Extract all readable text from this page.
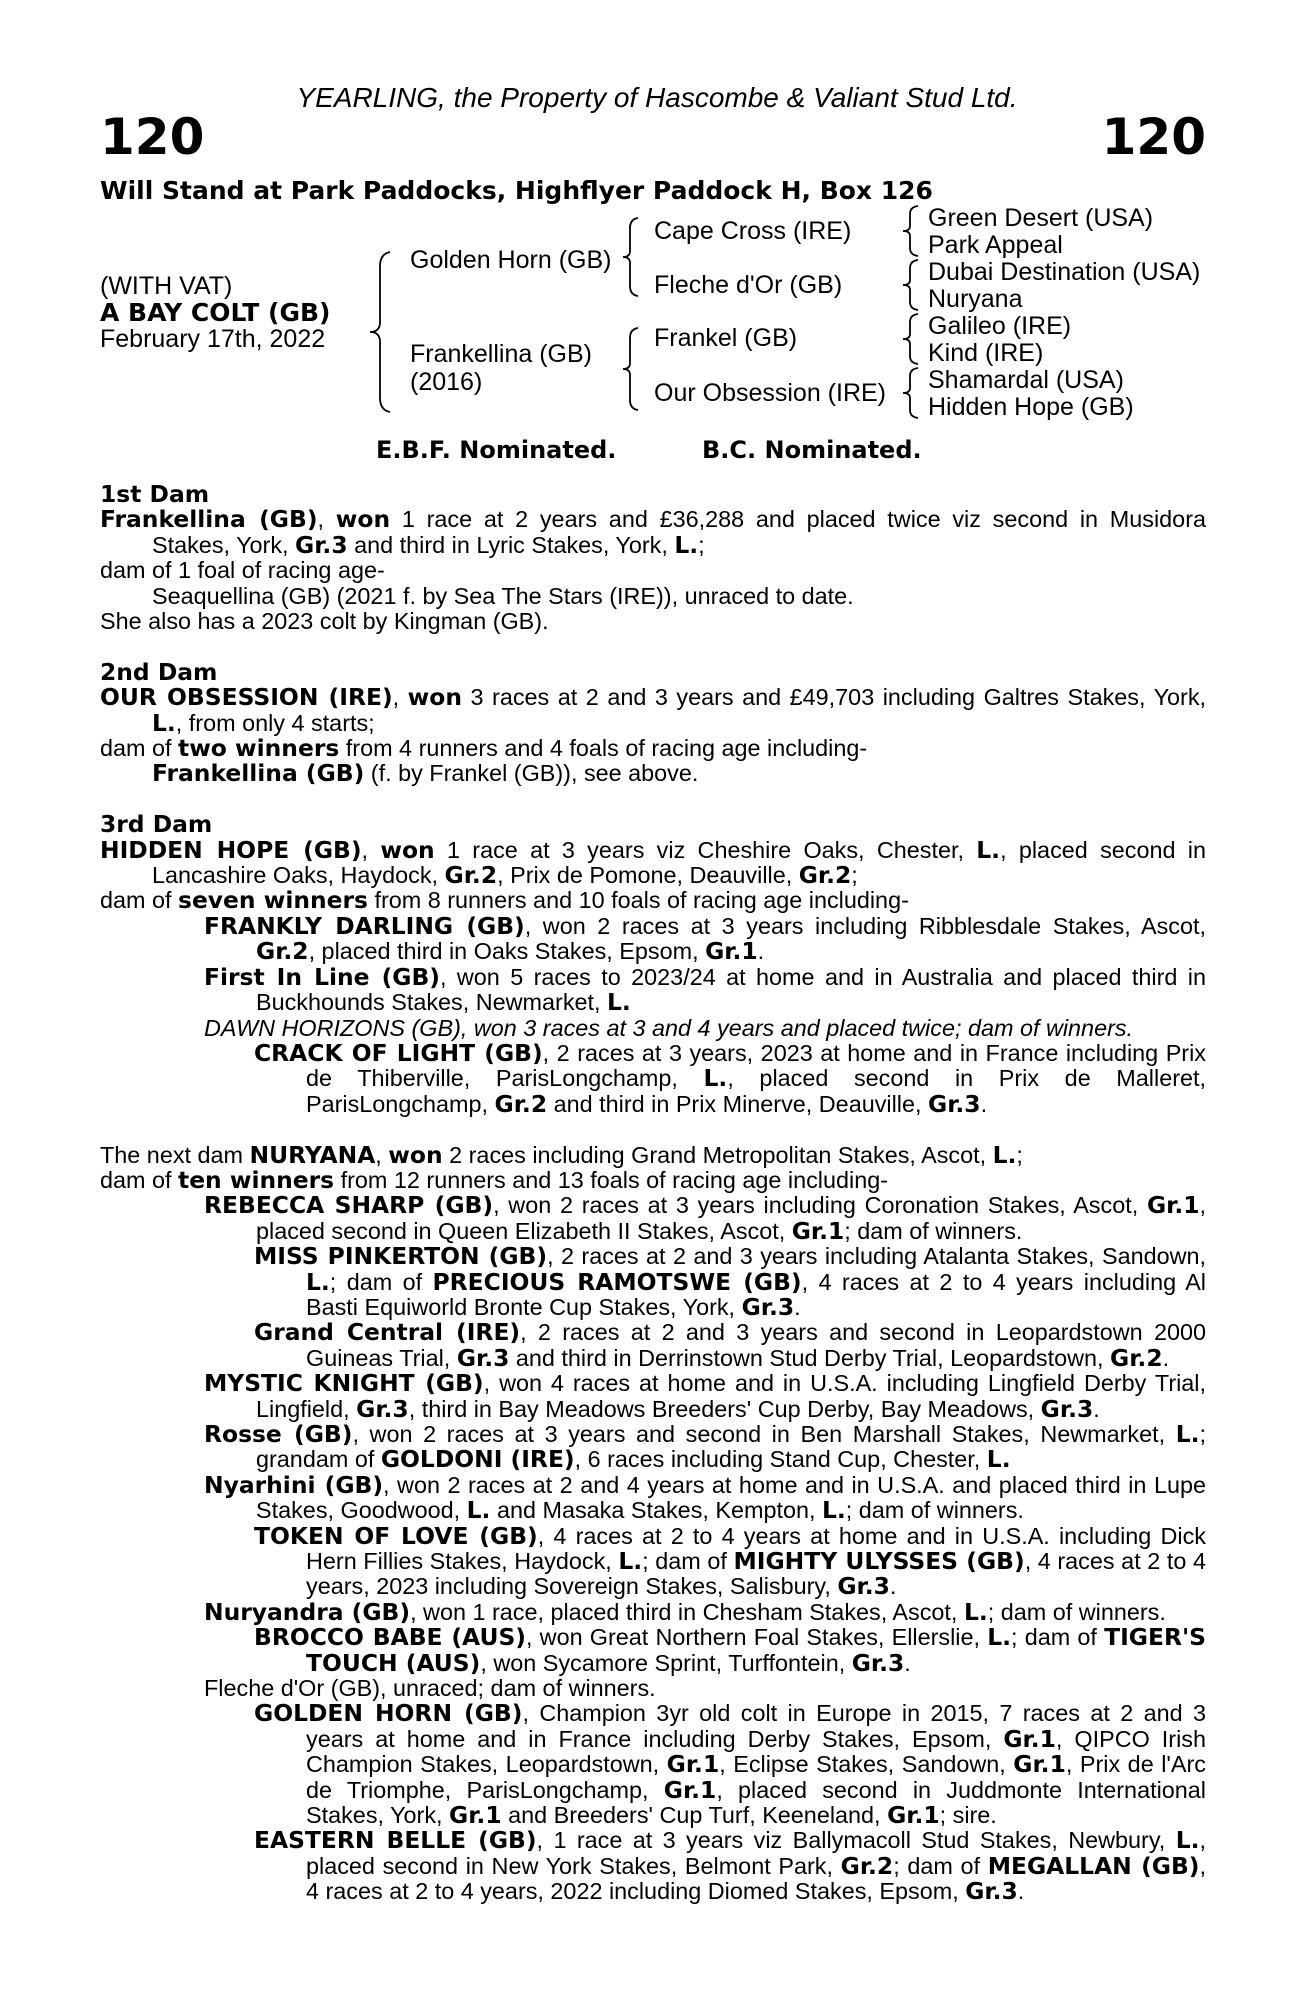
YEARLING, the Property of Hascombe & Valiant Stud Ltd.
120	120
Will Stand at Park Paddocks, Highflyer Paddock H, Box 126
(WITH VAT)
A BAY COLT (GB)
February 17th, 2022
Golden Horn (GB)
Frankellina (GB)
(2016)
Cape Cross (IRE)
Fleche d'Or (GB)
Frankel (GB)
Our Obsession (IRE)
Green Desert (USA)
Park Appeal
Dubai Destination (USA)
Nuryana
Galileo (IRE)
Kind (IRE)
Shamardal (USA)
Hidden Hope (GB)
E.B.F. Nominated.	B.C. Nominated.

1st Dam

Frankellina (GB), won 1 race at 2 years and £36,288 and placed twice viz second in Musidora Stakes, York, Gr.3 and third in Lyric Stakes, York, L.;

dam of 1 foal of racing age-

Seaquellina (GB) (2021 f. by Sea The Stars (IRE)), unraced to date.

She also has a 2023 colt by Kingman (GB).

2nd Dam

OUR OBSESSION (IRE), won 3 races at 2 and 3 years and £49,703 including Galtres Stakes, York, L., from only 4 starts;

dam of two winners from 4 runners and 4 foals of racing age including-

Frankellina (GB) (f. by Frankel (GB)), see above.

3rd Dam

HIDDEN HOPE (GB), won 1 race at 3 years viz Cheshire Oaks, Chester, L., placed second in Lancashire Oaks, Haydock, Gr.2, Prix de Pomone, Deauville, Gr.2;

dam of seven winners from 8 runners and 10 foals of racing age including-

FRANKLY DARLING (GB), won 2 races at 3 years including Ribblesdale Stakes, Ascot, Gr.2, placed third in Oaks Stakes, Epsom, Gr.1.

First In Line (GB), won 5 races to 2023/24 at home and in Australia and placed third in Buckhounds Stakes, Newmarket, L.

DAWN HORIZONS (GB), won 3 races at 3 and 4 years and placed twice; dam of winners.

CRACK OF LIGHT (GB), 2 races at 3 years, 2023 at home and in France including Prix de Thiberville, ParisLongchamp, L., placed second in Prix de Malleret, ParisLongchamp, Gr.2 and third in Prix Minerve, Deauville, Gr.3.

The next dam NURYANA, won 2 races including Grand Metropolitan Stakes, Ascot, L.;

dam of ten winners from 12 runners and 13 foals of racing age including-

REBECCA SHARP (GB), won 2 races at 3 years including Coronation Stakes, Ascot, Gr.1, placed second in Queen Elizabeth II Stakes, Ascot, Gr.1; dam of winners.

MISS PINKERTON (GB), 2 races at 2 and 3 years including Atalanta Stakes, Sandown, L.; dam of PRECIOUS RAMOTSWE (GB), 4 races at 2 to 4 years including Al Basti Equiworld Bronte Cup Stakes, York, Gr.3.

Grand Central (IRE), 2 races at 2 and 3 years and second in Leopardstown 2000 Guineas Trial, Gr.3 and third in Derrinstown Stud Derby Trial, Leopardstown, Gr.2.

MYSTIC KNIGHT (GB), won 4 races at home and in U.S.A. including Lingfield Derby Trial, Lingfield, Gr.3, third in Bay Meadows Breeders' Cup Derby, Bay Meadows, Gr.3.

Rosse (GB), won 2 races at 3 years and second in Ben Marshall Stakes, Newmarket, L.; grandam of GOLDONI (IRE), 6 races including Stand Cup, Chester, L.

Nyarhini (GB), won 2 races at 2 and 4 years at home and in U.S.A. and placed third in Lupe Stakes, Goodwood, L. and Masaka Stakes, Kempton, L.; dam of winners.

TOKEN OF LOVE (GB), 4 races at 2 to 4 years at home and in U.S.A. including Dick Hern Fillies Stakes, Haydock, L.; dam of MIGHTY ULYSSES (GB), 4 races at 2 to 4 years, 2023 including Sovereign Stakes, Salisbury, Gr.3.

Nuryandra (GB), won 1 race, placed third in Chesham Stakes, Ascot, L.; dam of winners.

BROCCO BABE (AUS), won Great Northern Foal Stakes, Ellerslie, L.; dam of TIGER'S TOUCH (AUS), won Sycamore Sprint, Turffontein, Gr.3.

Fleche d'Or (GB), unraced; dam of winners.

GOLDEN HORN (GB), Champion 3yr old colt in Europe in 2015, 7 races at 2 and 3 years at home and in France including Derby Stakes, Epsom, Gr.1, QIPCO Irish Champion Stakes, Leopardstown, Gr.1, Eclipse Stakes, Sandown, Gr.1, Prix de l'Arc de Triomphe, ParisLongchamp, Gr.1, placed second in Juddmonte International Stakes, York, Gr.1 and Breeders' Cup Turf, Keeneland, Gr.1; sire.

EASTERN BELLE (GB), 1 race at 3 years viz Ballymacoll Stud Stakes, Newbury, L., placed second in New York Stakes, Belmont Park, Gr.2; dam of MEGALLAN (GB), 4 races at 2 to 4 years, 2022 including Diomed Stakes, Epsom, Gr.3.
